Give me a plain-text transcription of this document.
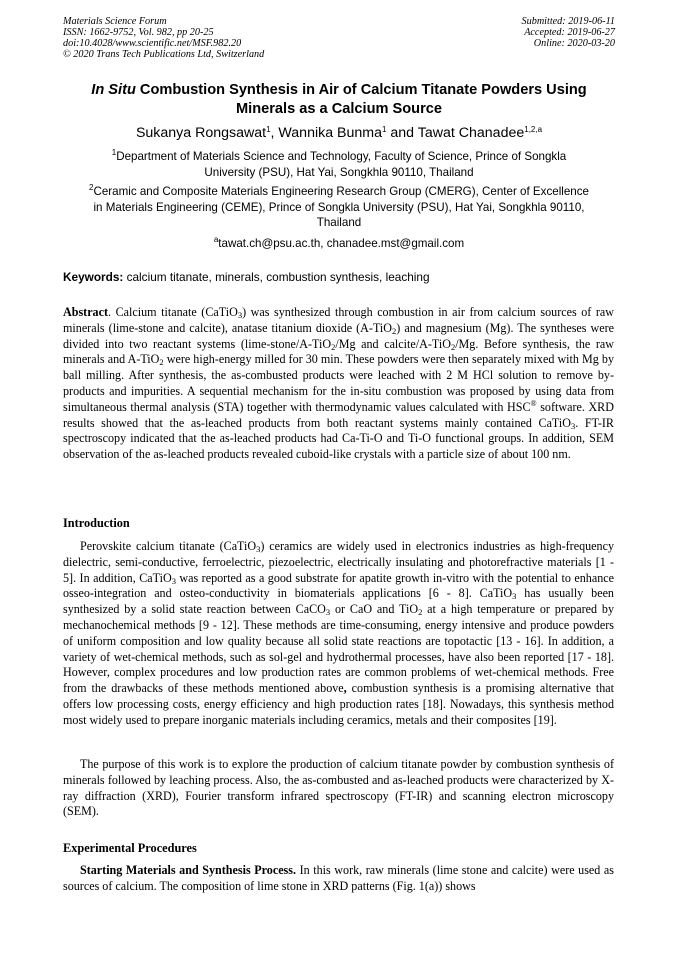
Materials Science Forum
ISSN: 1662-9752, Vol. 982, pp 20-25
doi:10.4028/www.scientific.net/MSF.982.20
© 2020 Trans Tech Publications Ltd, Switzerland
Submitted: 2019-06-11
Accepted: 2019-06-27
Online: 2020-03-20
In Situ Combustion Synthesis in Air of Calcium Titanate Powders Using
Minerals as a Calcium Source
Sukanya Rongsawat$^1$, Wannika Bunma$^1$ and Tawat Chanadee$^{1,2,a}$
$^1$Department of Materials Science and Technology, Faculty of Science, Prince of Songkla
University (PSU), Hat Yai, Songkhla 90110, Thailand
$^2$Ceramic and Composite Materials Engineering Research Group (CMERG), Center of Excellence
in Materials Engineering (CEME), Prince of Songkla University (PSU), Hat Yai, Songkhla 90110,
Thailand
$^a$tawat.ch@psu.ac.th, chanadee.mst@gmail.com
Keywords: calcium titanate, minerals, combustion synthesis, leaching
Abstract. Calcium titanate (CaTiO$_3$) was synthesized through combustion in air from calcium sources of raw minerals (lime-stone and calcite), anatase titanium dioxide (A-TiO$_2$) and magnesium (Mg). The syntheses were divided into two reactant systems (lime-stone/A-TiO$_2$/Mg and calcite/A-TiO$_2$/Mg. Before synthesis, the raw minerals and A-TiO$_2$ were high-energy milled for 30 min. These powders were then separately mixed with Mg by ball milling. After synthesis, the as-combusted products were leached with 2 M HCl solution to remove by-products and impurities. A sequential mechanism for the in-situ combustion was proposed by using data from simultaneous thermal analysis (STA) together with thermodynamic values calculated with HSC® software. XRD results showed that the as-leached products from both reactant systems mainly contained CaTiO$_3$. FT-IR spectroscopy indicated that the as-leached products had Ca-Ti-O and Ti-O functional groups. In addition, SEM observation of the as-leached products revealed cuboid-like crystals with a particle size of about 100 nm.
Introduction
Perovskite calcium titanate (CaTiO$_3$) ceramics are widely used in electronics industries as high-frequency dielectric, semi-conductive, ferroelectric, piezoelectric, electrically insulating and photorefractive materials [1 - 5]. In addition, CaTiO$_3$ was reported as a good substrate for apatite growth in-vitro with the potential to enhance osseo-integration and osteo-conductivity in biomaterials applications [6 - 8]. CaTiO$_3$ has usually been synthesized by a solid state reaction between CaCO$_3$ or CaO and TiO$_2$ at a high temperature or prepared by mechanochemical methods [9 - 12]. These methods are time-consuming, energy intensive and produce powders of uniform composition and low quality because all solid state reactions are topotactic [13 - 16]. In addition, a variety of wet-chemical methods, such as sol-gel and hydrothermal processes, have also been reported [17 - 18]. However, complex procedures and low production rates are common problems of wet-chemical methods. Free from the drawbacks of these methods mentioned above, combustion synthesis is a promising alternative that offers low processing costs, energy efficiency and high production rates [18]. Nowadays, this synthesis method most widely used to prepare inorganic materials including ceramics, metals and their composites [19].
The purpose of this work is to explore the production of calcium titanate powder by combustion synthesis of minerals followed by leaching process. Also, the as-combusted and as-leached products were characterized by X-ray diffraction (XRD), Fourier transform infrared spectroscopy (FT-IR) and scanning electron microscopy (SEM).
Experimental Procedures
Starting Materials and Synthesis Process. In this work, raw minerals (lime stone and calcite) were used as sources of calcium. The composition of lime stone in XRD patterns (Fig. 1(a)) shows
